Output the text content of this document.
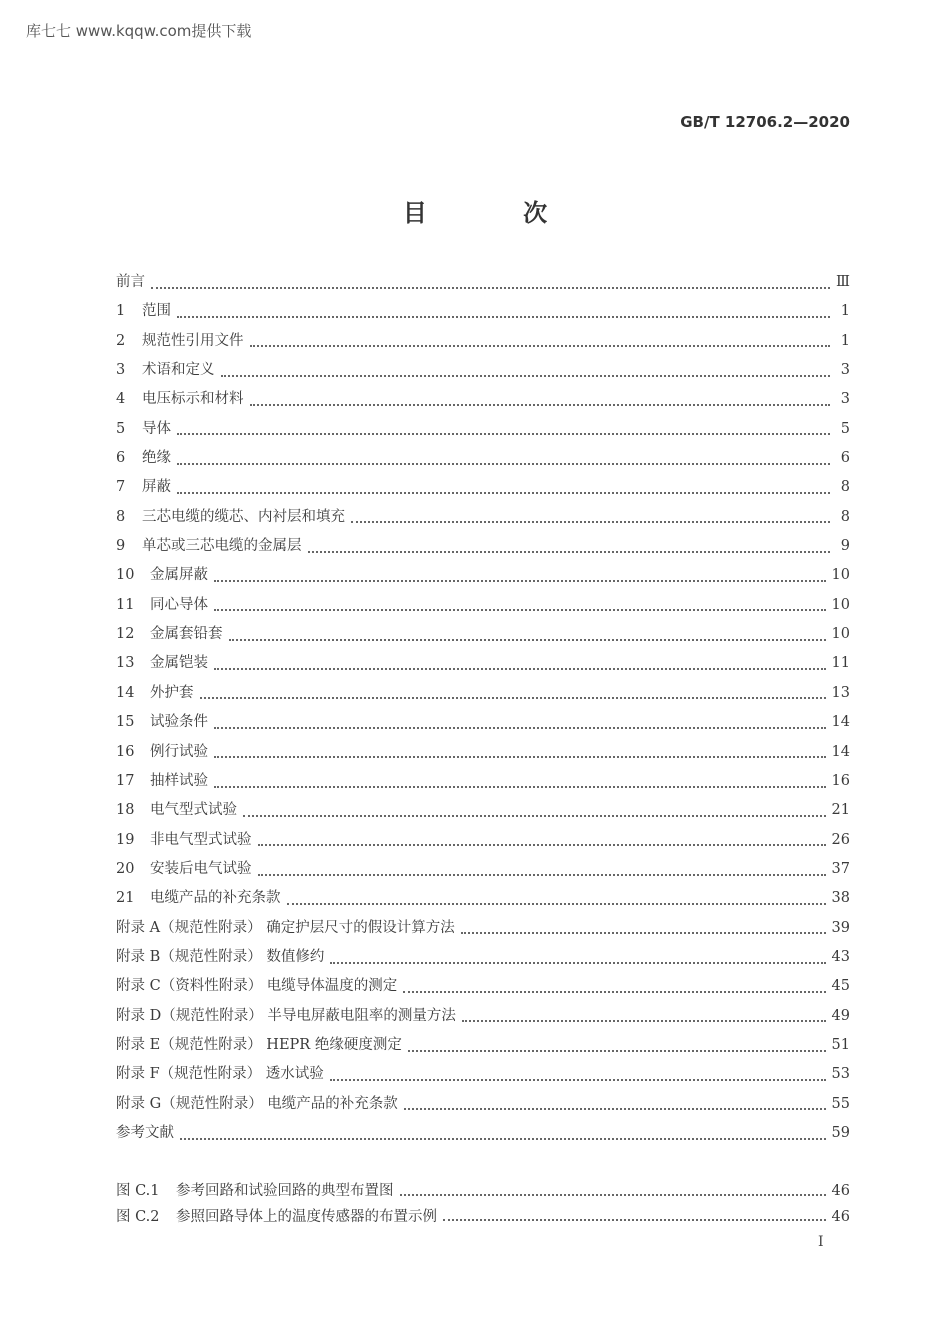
库七七 www.kqqw.com提供下载
GB/T 12706.2—2020
目 次
前言	Ⅲ
1	范围	1
2	规范性引用文件	1
3	术语和定义	3
4	电压标示和材料	3
5	导体	5
6	绝缘	6
7	屏蔽	8
8	三芯电缆的缆芯、内衬层和填充	8
9	单芯或三芯电缆的金属层	9
10	金属屏蔽	10
11	同心导体	10
12	金属套铅套	10
13	金属铠装	11
14	外护套	13
15	试验条件	14
16	例行试验	14
17	抽样试验	16
18	电气型式试验	21
19	非电气型式试验	26
20	安装后电气试验	37
21	电缆产品的补充条款	38
附录 A（规范性附录） 确定护层尺寸的假设计算方法	39
附录 B（规范性附录） 数值修约	43
附录 C（资料性附录） 电缆导体温度的测定	45
附录 D（规范性附录） 半导电屏蔽电阻率的测量方法	49
附录 E（规范性附录） HEPR 绝缘硬度测定	51
附录 F（规范性附录） 透水试验	53
附录 G（规范性附录） 电缆产品的补充条款	55
参考文献	59
图 C.1	参考回路和试验回路的典型布置图	46
图 C.2	参照回路导体上的温度传感器的布置示例	46
Ⅰ
